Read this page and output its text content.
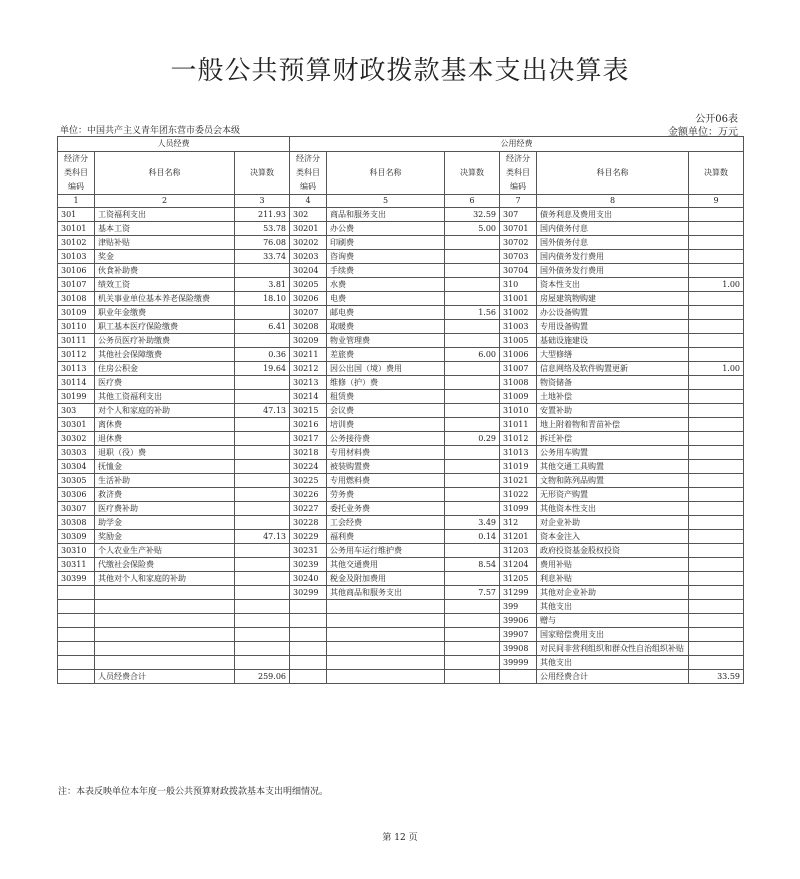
一般公共预算财政拨款基本支出决算表
公开06表
单位：中国共产主义青年团东营市委员会本级	金额单位：万元
人员经费			公用经费					
经济分类科目编码	科目名称	决算数	经济分类科目编码	科目名称	决算数	经济分类科目编码	科目名称	决算数
1	2	3	4	5	6	7	8	9
301	工资福利支出	211.93	302	商品和服务支出	32.59	307	债务利息及费用支出	
30101	基本工资	53.78	30201	办公费	5.00	30701	国内债务付息	
30102	津贴补贴	76.08	30202	印刷费		30702	国外债务付息	
30103	奖金	33.74	30203	咨询费		30703	国内债务发行费用	
30106	伙食补助费		30204	手续费		30704	国外债务发行费用	
30107	绩效工资	3.81	30205	水费		310	资本性支出	1.00
30108	机关事业单位基本养老保险缴费	18.10	30206	电费		31001	房屋建筑物购建	
30109	职业年金缴费		30207	邮电费	1.56	31002	办公设备购置	
30110	职工基本医疗保险缴费	6.41	30208	取暖费		31003	专用设备购置	
30111	公务员医疗补助缴费		30209	物业管理费		31005	基础设施建设	
30112	其他社会保障缴费	0.36	30211	差旅费	6.00	31006	大型修缮	
30113	住房公积金	19.64	30212	因公出国（境）费用		31007	信息网络及软件购置更新	1.00
30114	医疗费		30213	维修（护）费		31008	物资储备	
30199	其他工资福利支出		30214	租赁费		31009	土地补偿	
303	对个人和家庭的补助	47.13	30215	会议费		31010	安置补助	
30301	离休费		30216	培训费		31011	地上附着物和青苗补偿	
30302	退休费		30217	公务接待费	0.29	31012	拆迁补偿	
30303	退职（役）费		30218	专用材料费		31013	公务用车购置	
30304	抚恤金		30224	被装购置费		31019	其他交通工具购置	
30305	生活补助		30225	专用燃料费		31021	文物和陈列品购置	
30306	救济费		30226	劳务费		31022	无形资产购置	
30307	医疗费补助		30227	委托业务费		31099	其他资本性支出	
30308	助学金		30228	工会经费	3.49	312	对企业补助	
30309	奖励金	47.13	30229	福利费	0.14	31201	资本金注入	
30310	个人农业生产补贴		30231	公务用车运行维护费		31203	政府投资基金股权投资	
30311	代缴社会保险费		30239	其他交通费用	8.54	31204	费用补贴	
30399	其他对个人和家庭的补助		30240	税金及附加费用		31205	利息补贴	
			30299	其他商品和服务支出	7.57	31299	其他对企业补助	
						399	其他支出	
						39906	赠与	
						39907	国家赔偿费用支出	
						39908	对民间非营利组织和群众性自治组织补贴	
						39999	其他支出	
	人员经费合计	259.06					公用经费合计	33.59
注：本表反映单位本年度一般公共预算财政拨款基本支出明细情况。
第 12 页
